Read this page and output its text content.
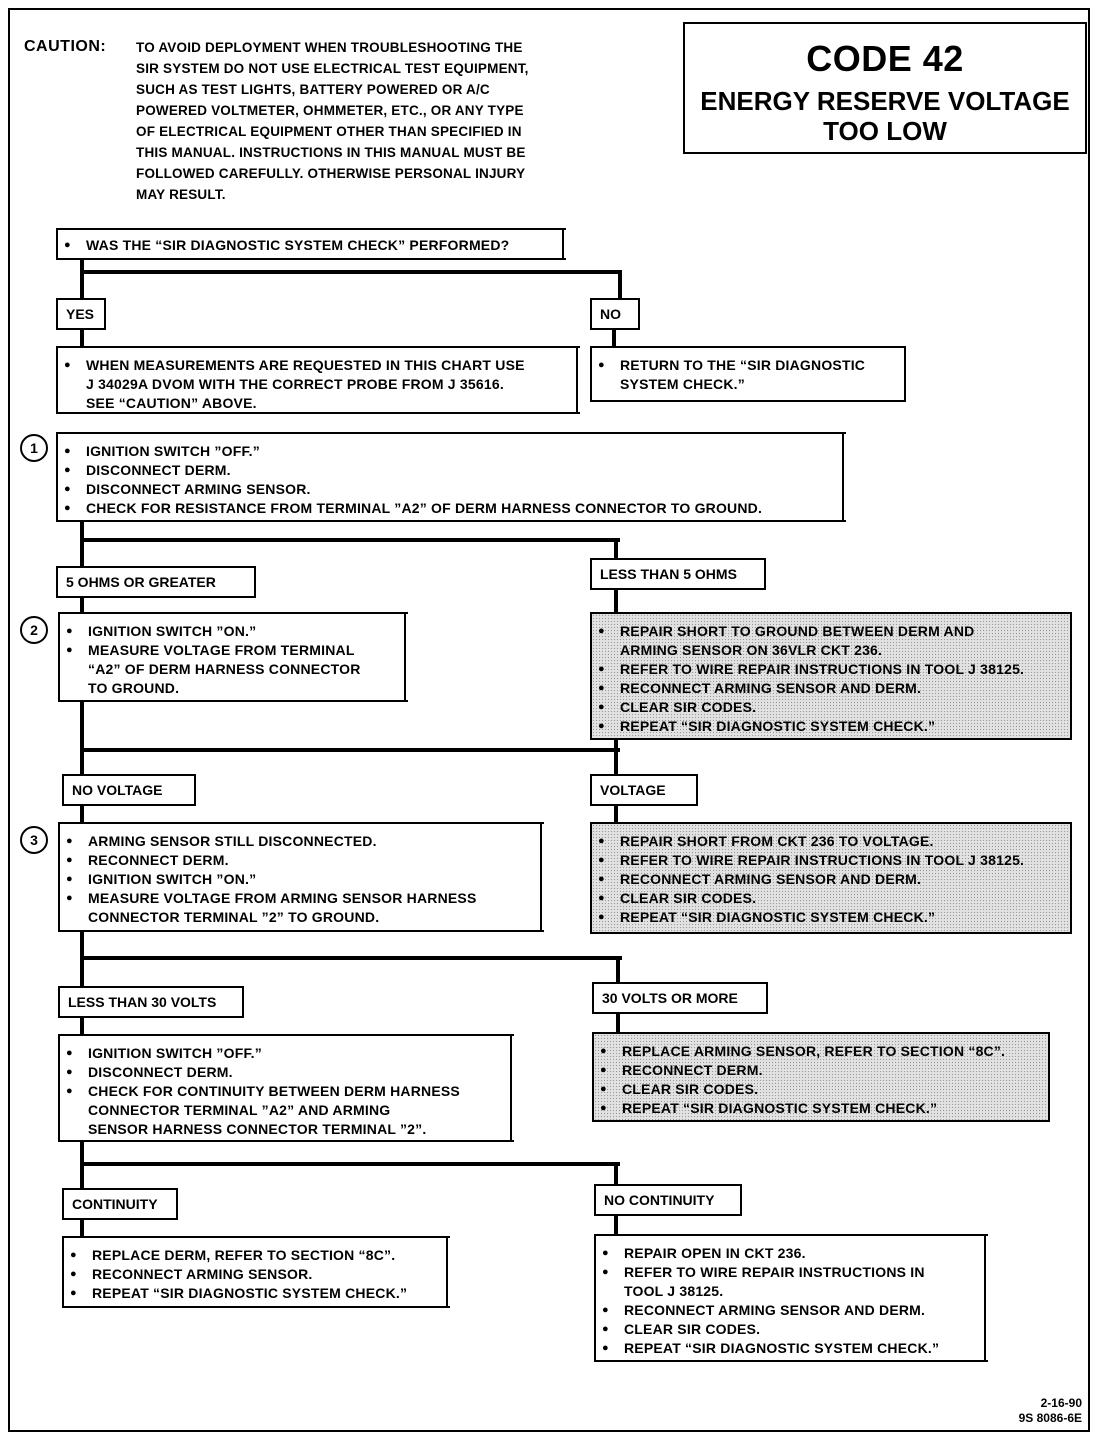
CAUTION: TO AVOID DEPLOYMENT WHEN TROUBLESHOOTING THE
SIR SYSTEM DO NOT USE ELECTRICAL TEST EQUIPMENT,
SUCH AS TEST LIGHTS, BATTERY POWERED OR A/C
POWERED VOLTMETER, OHMMETER, ETC., OR ANY TYPE
OF ELECTRICAL EQUIPMENT OTHER THAN SPECIFIED IN
THIS MANUAL. INSTRUCTIONS IN THIS MANUAL MUST BE
FOLLOWED CAREFULLY. OTHERWISE PERSONAL INJURY
MAY RESULT.
CODE 42
ENERGY RESERVE VOLTAGE
TOO LOW
● WAS THE “SIR DIAGNOSTIC SYSTEM CHECK” PERFORMED?
YES	NO
● WHEN MEASUREMENTS ARE REQUESTED IN THIS CHART USE
J 34029A DVOM WITH THE CORRECT PROBE FROM J 35616.
SEE “CAUTION” ABOVE.
● RETURN TO THE “SIR DIAGNOSTIC
SYSTEM CHECK.”
1	● IGNITION SWITCH ”OFF.”
● DISCONNECT DERM.
● DISCONNECT ARMING SENSOR.
● CHECK FOR RESISTANCE FROM TERMINAL ”A2” OF DERM HARNESS CONNECTOR TO GROUND.
5 OHMS OR GREATER	LESS THAN 5 OHMS
2	● IGNITION SWITCH ”ON.”
● MEASURE VOLTAGE FROM TERMINAL
“A2” OF DERM HARNESS CONNECTOR
TO GROUND.
● REPAIR SHORT TO GROUND BETWEEN DERM AND
ARMING SENSOR ON 36VLR CKT 236.
● REFER TO WIRE REPAIR INSTRUCTIONS IN TOOL J 38125.
● RECONNECT ARMING SENSOR AND DERM.
● CLEAR SIR CODES.
● REPEAT “SIR DIAGNOSTIC SYSTEM CHECK.”
NO VOLTAGE	VOLTAGE
3	● ARMING SENSOR STILL DISCONNECTED.
● RECONNECT DERM.
● IGNITION SWITCH ”ON.”
● MEASURE VOLTAGE FROM ARMING SENSOR HARNESS
CONNECTOR TERMINAL ”2” TO GROUND.
● REPAIR SHORT FROM CKT 236 TO VOLTAGE.
● REFER TO WIRE REPAIR INSTRUCTIONS IN TOOL J 38125.
● RECONNECT ARMING SENSOR AND DERM.
● CLEAR SIR CODES.
● REPEAT “SIR DIAGNOSTIC SYSTEM CHECK.”
LESS THAN 30 VOLTS	30 VOLTS OR MORE
● IGNITION SWITCH ”OFF.”
● DISCONNECT DERM.
● CHECK FOR CONTINUITY BETWEEN DERM HARNESS
CONNECTOR TERMINAL ”A2” AND ARMING
SENSOR HARNESS CONNECTOR TERMINAL ”2”.
● REPLACE ARMING SENSOR, REFER TO SECTION “8C”.
● RECONNECT DERM.
● CLEAR SIR CODES.
● REPEAT “SIR DIAGNOSTIC SYSTEM CHECK.”
CONTINUITY	NO CONTINUITY
● REPLACE DERM, REFER TO SECTION “8C”.
● RECONNECT ARMING SENSOR.
● REPEAT “SIR DIAGNOSTIC SYSTEM CHECK.”
● REPAIR OPEN IN CKT 236.
● REFER TO WIRE REPAIR INSTRUCTIONS IN
TOOL J 38125.
● RECONNECT ARMING SENSOR AND DERM.
● CLEAR SIR CODES.
● REPEAT “SIR DIAGNOSTIC SYSTEM CHECK.”
2-16-90
9S 8086-6E
